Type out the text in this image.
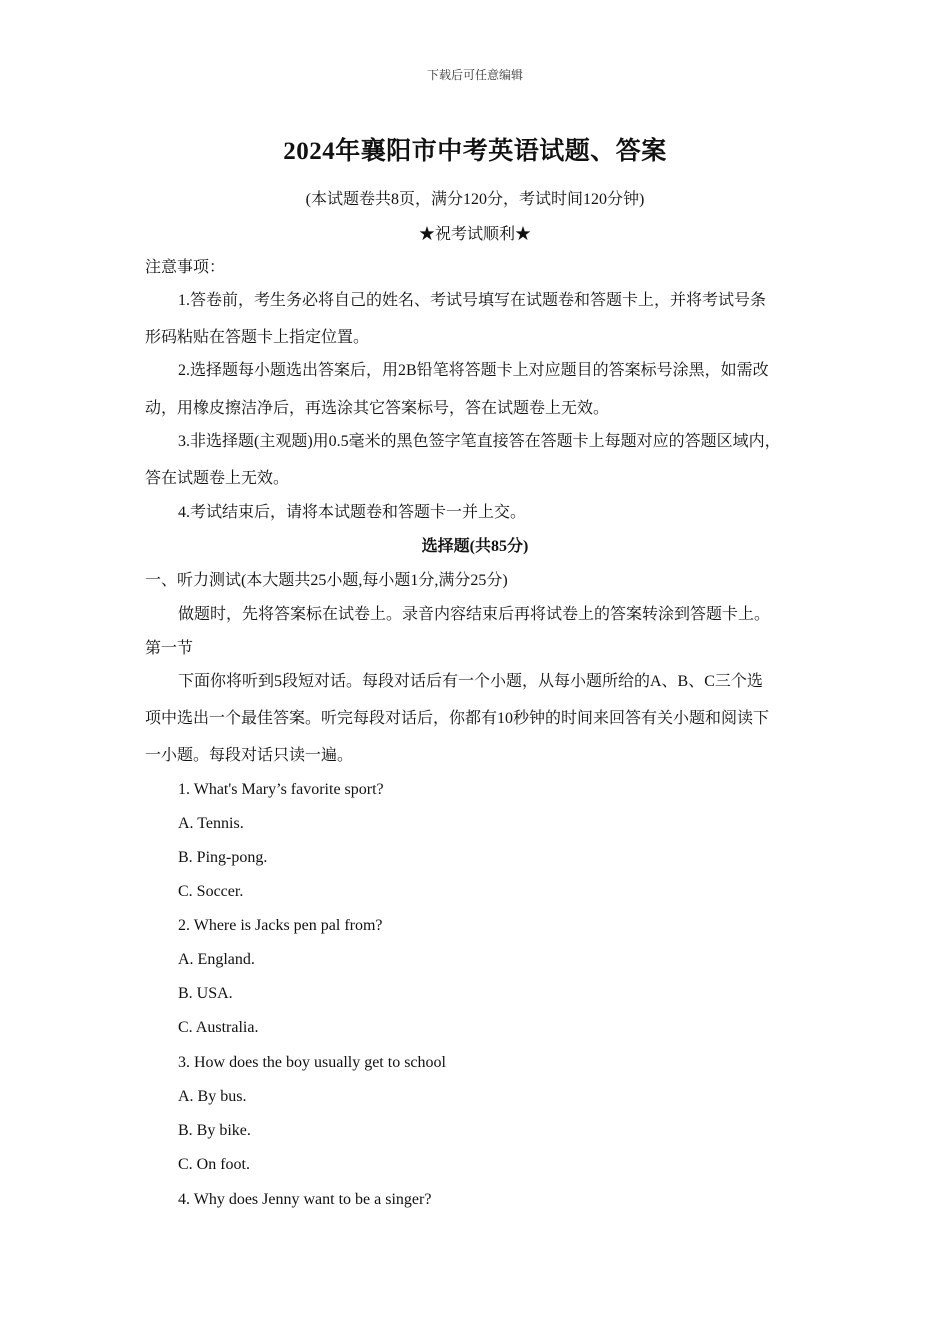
下载后可任意编辑
2024年襄阳市中考英语试题、答案
(本试题卷共8页，满分120分，考试时间120分钟)
★祝考试顺利★
注意事项：
1.答卷前，考生务必将自己的姓名、考试号填写在试题卷和答题卡上，并将考试号条
形码粘贴在答题卡上指定位置。
2.选择题每小题选出答案后，用2B铅笔将答题卡上对应题目的答案标号涂黑，如需改
动，用橡皮擦洁净后，再选涂其它答案标号，答在试题卷上无效。
3.非选择题(主观题)用0.5毫米的黑色签字笔直接答在答题卡上每题对应的答题区域内，
答在试题卷上无效。
4.考试结束后，请将本试题卷和答题卡一并上交。
选择题(共85分)
一、听力测试(本大题共25小题,每小题1分,满分25分)
做题时，先将答案标在试卷上。录音内容结束后再将试卷上的答案转涂到答题卡上。
第一节
下面你将听到5段短对话。每段对话后有一个小题，从每小题所给的A、B、C三个选
项中选出一个最佳答案。听完每段对话后，你都有10秒钟的时间来回答有关小题和阅读下
一小题。每段对话只读一遍。
1. What's Mary’s favorite sport?
A. Tennis.
B. Ping-pong.
C. Soccer.
2. Where is Jacks pen pal from?
A. England.
B. USA.
C. Australia.
3. How does the boy usually get to school
A. By bus.
B. By bike.
C. On foot.
4. Why does Jenny want to be a singer?
